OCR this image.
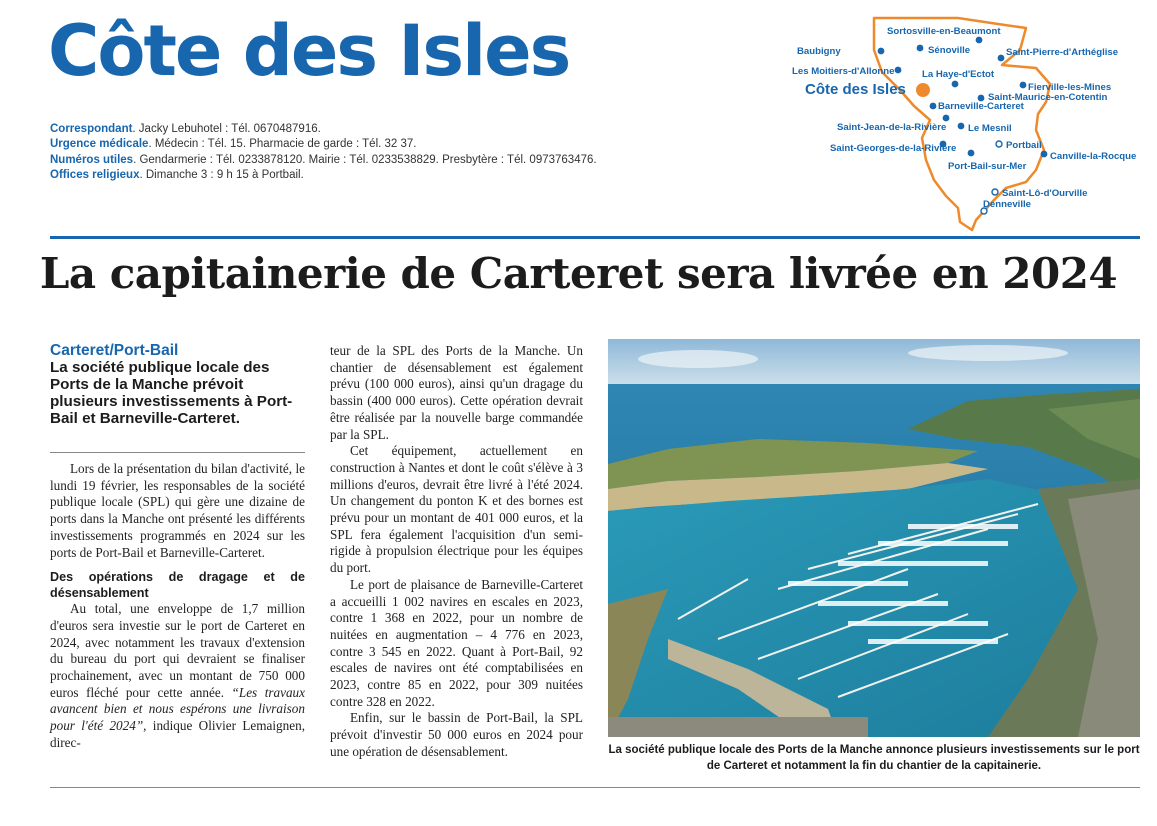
Côte des Isles
Correspondant. Jacky Lebuhotel : Tél. 0670487916.
Urgence médicale. Médecin : Tél. 15. Pharmacie de garde : Tél. 32 37.
Numéros utiles. Gendarmerie : Tél. 0233878120. Mairie : Tél. 0233538829. Presbytère : Tél. 0973763476.
Offices religieux. Dimanche 3 : 9 h 15 à Portbail.
Sortosville-en-Beaumont
Baubigny	Sénoville	Saint-Pierre-d'Arthéglise
Les Moitiers-d'Allonne	La Haye-d'Ectot
Fierville-les-Mines
Saint-Maurice-en-Cotentin
Côte des Isles
Barneville-Carteret
Saint-Jean-de-la-Rivière Le Mesnil
Portbail
Saint-Georges-de-la-Rivière
Canville-la-Rocque
Port-Bail-sur-Mer
Saint-Lô-d'Ourville
Denneville
La capitainerie de Carteret sera livrée en 2024
Carteret/Port-Bail
La société publique locale des Ports de la Manche prévoit plusieurs investissements à Port-Bail et Barneville-Carteret.

Lors de la présentation du bilan d'activité, le lundi 19 février, les responsables de la société publique locale (SPL) qui gère une dizaine de ports dans la Manche ont présenté les différents investissements programmés en 2024 sur les ports de Port-Bail et Barneville-Carteret.

Des opérations de dragage et de désensablement

Au total, une enveloppe de 1,7 million d'euros sera investie sur le port de Carteret en 2024, avec notamment les travaux d'extension du bureau du port qui devraient se finaliser prochainement, avec un montant de 750 000 euros fléché pour cette année. “Les travaux avancent bien et nous espérons une livraison pour l'été 2024”, indique Olivier Lemaignen, direc-

teur de la SPL des Ports de la Manche. Un chantier de désensablement est également prévu (100 000 euros), ainsi qu'un dragage du bassin (400 000 euros). Cette opération devrait être réalisée par la nouvelle barge commandée par la SPL.

Cet équipement, actuellement en construction à Nantes et dont le coût s'élève à 3 millions d'euros, devrait être livré à l'été 2024. Un changement du ponton K et des bornes est prévu pour un montant de 401 000 euros, et la SPL fera également l'acquisition d'un semi-rigide à propulsion électrique pour les équipes du port.

Le port de plaisance de Barneville-Carteret a accueilli 1 002 navires en escales en 2023, contre 1 368 en 2022, pour un nombre de nuitées en augmentation – 4 776 en 2023, contre 3 545 en 2022. Quant à Port-Bail, 92 escales de navires ont été comptabilisées en 2023, contre 85 en 2022, pour 309 nuitées contre 328 en 2022.

Enfin, sur le bassin de Port-Bail, la SPL prévoit d'investir 50 000 euros en 2024 pour une opération de désensablement.	La société publique locale des Ports de la Manche annonce plusieurs investissements sur le port de Carteret et notamment la fin du chantier de la capitainerie.
